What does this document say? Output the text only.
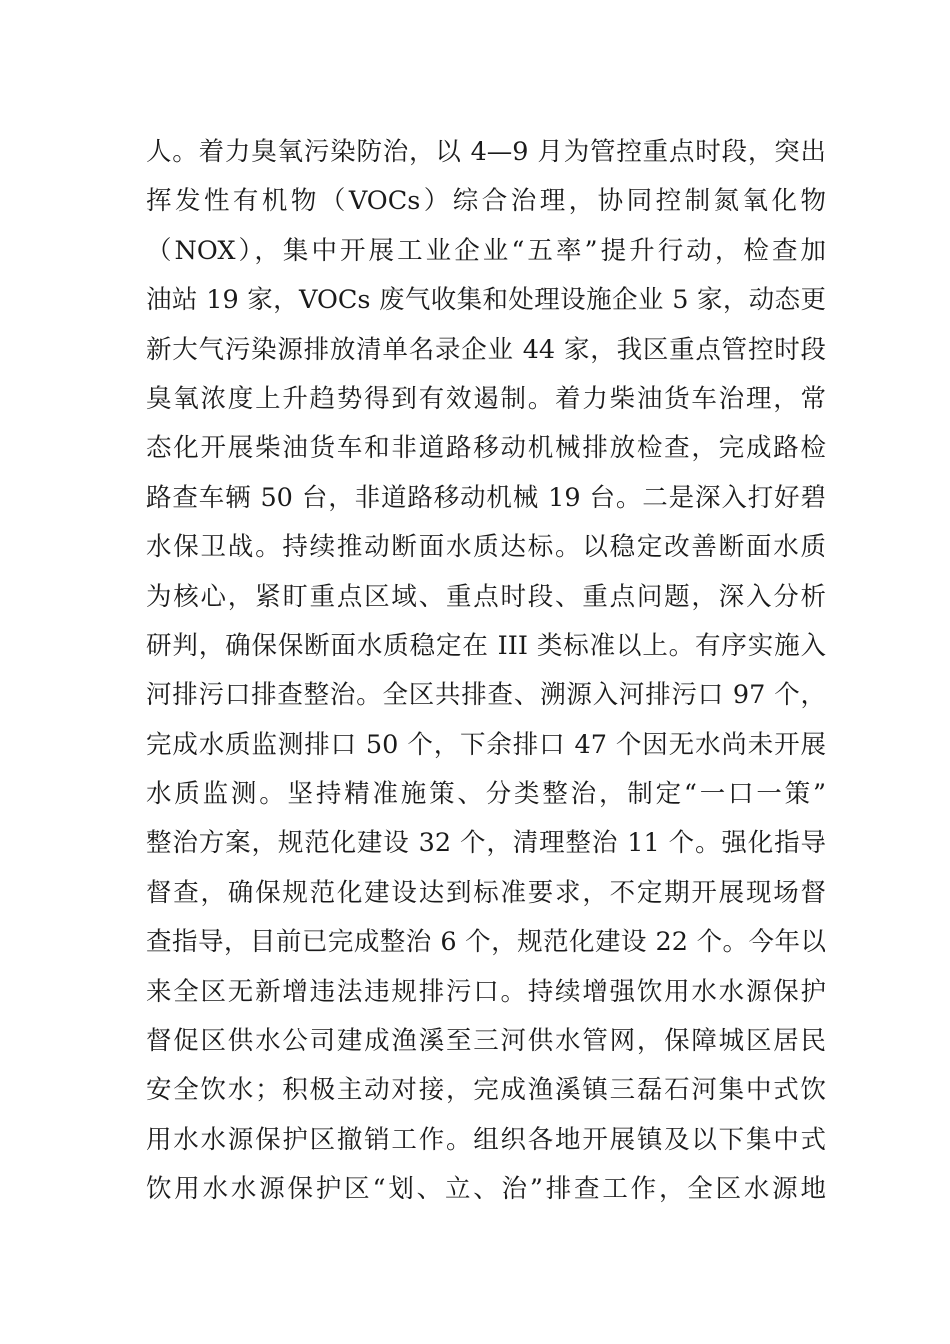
人。着力臭氧污染防治，以 4—9 月为管控重点时段，突出
挥发性有机物（VOCs）综合治理，协同控制氮氧化物
（NOX），集中开展工业企业“五率”提升行动，检查加
油站 19 家，VOCs 废气收集和处理设施企业 5 家，动态更
新大气污染源排放清单名录企业 44 家，我区重点管控时段
臭氧浓度上升趋势得到有效遏制。着力柴油货车治理，常
态化开展柴油货车和非道路移动机械排放检查，完成路检
路查车辆 50 台，非道路移动机械 19 台。二是深入打好碧
水保卫战。持续推动断面水质达标。以稳定改善断面水质
为核心，紧盯重点区域、重点时段、重点问题，深入分析
研判，确保保断面水质稳定在 III 类标准以上。有序实施入
河排污口排查整治。全区共排查、溯源入河排污口 97 个，
完成水质监测排口 50 个，下余排口 47 个因无水尚未开展
水质监测。坚持精准施策、分类整治，制定“一口一策”
整治方案，规范化建设 32 个，清理整治 11 个。强化指导
督查，确保规范化建设达到标准要求，不定期开展现场督
查指导，目前已完成整治 6 个，规范化建设 22 个。今年以
来全区无新增违法违规排污口。持续增强饮用水水源保护
督促区供水公司建成渔溪至三河供水管网，保障城区居民
安全饮水；积极主动对接，完成渔溪镇三磊石河集中式饮
用水水源保护区撤销工作。组织各地开展镇及以下集中式
饮用水水源保护区“划、立、治”排查工作，全区水源地
